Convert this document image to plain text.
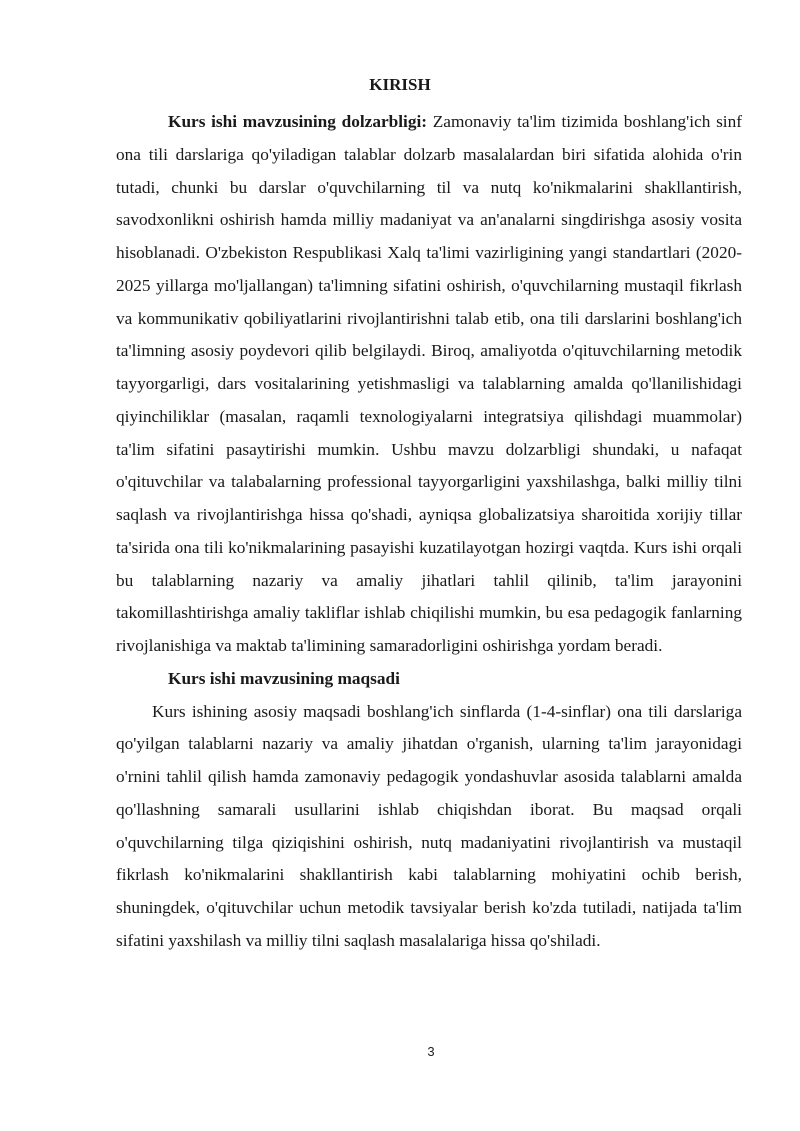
KIRISH

Kurs ishi mavzusining dolzarbligi: Zamonaviy ta'lim tizimida boshlang'ich sinf ona tili darslariga qo'yiladigan talablar dolzarb masalalardan biri sifatida alohida o'rin tutadi, chunki bu darslar o'quvchilarning til va nutq ko'nikmalarini shakllantirish, savodxonlikni oshirish hamda milliy madaniyat va an'analarni singdirishga asosiy vosita hisoblanadi. O'zbekiston Respublikasi Xalq ta'limi vazirligining yangi standartlari (2020-2025 yillarga mo'ljallangan) ta'limning sifatini oshirish, o'quvchilarning mustaqil fikrlash va kommunikativ qobiliyatlarini rivojlantirishni talab etib, ona tili darslarini boshlang'ich ta'limning asosiy poydevori qilib belgilaydi. Biroq, amaliyotda o'qituvchilarning metodik tayyorgarligi, dars vositalarining yetishmasligi va talablarning amalda qo'llanilishidagi qiyinchiliklar (masalan, raqamli texnologiyalarni integratsiya qilishdagi muammolar) ta'lim sifatini pasaytirishi mumkin. Ushbu mavzu dolzarbligi shundaki, u nafaqat o'qituvchilar va talabalarning professional tayyorgarligini yaxshilashga, balki milliy tilni saqlash va rivojlantirishga hissa qo'shadi, ayniqsa globalizatsiya sharoitida xorijiy tillar ta'sirida ona tili ko'nikmalarining pasayishi kuzatilayotgan hozirgi vaqtda. Kurs ishi orqali bu talablarning nazariy va amaliy jihatlari tahlil qilinib, ta'lim jarayonini takomillashtirishga amaliy takliflar ishlab chiqilishi mumkin, bu esa pedagogik fanlarning rivojlanishiga va maktab ta'limining samaradorligini oshirishga yordam beradi.

Kurs ishi mavzusining maqsadi

Kurs ishining asosiy maqsadi boshlang'ich sinflarda (1-4-sinflar) ona tili darslariga qo'yilgan talablarni nazariy va amaliy jihatdan o'rganish, ularning ta'lim jarayonidagi o'rnini tahlil qilish hamda zamonaviy pedagogik yondashuvlar asosida talablarni amalda qo'llashning samarali usullarini ishlab chiqishdan iborat. Bu maqsad orqali o'quvchilarning tilga qiziqishini oshirish, nutq madaniyatini rivojlantirish va mustaqil fikrlash ko'nikmalarini shakllantirish kabi talablarning mohiyatini ochib berish, shuningdek, o'qituvchilar uchun metodik tavsiyalar berish ko'zda tutiladi, natijada ta'lim sifatini yaxshilash va milliy tilni saqlash masalalariga hissa qo'shiladi.

3
